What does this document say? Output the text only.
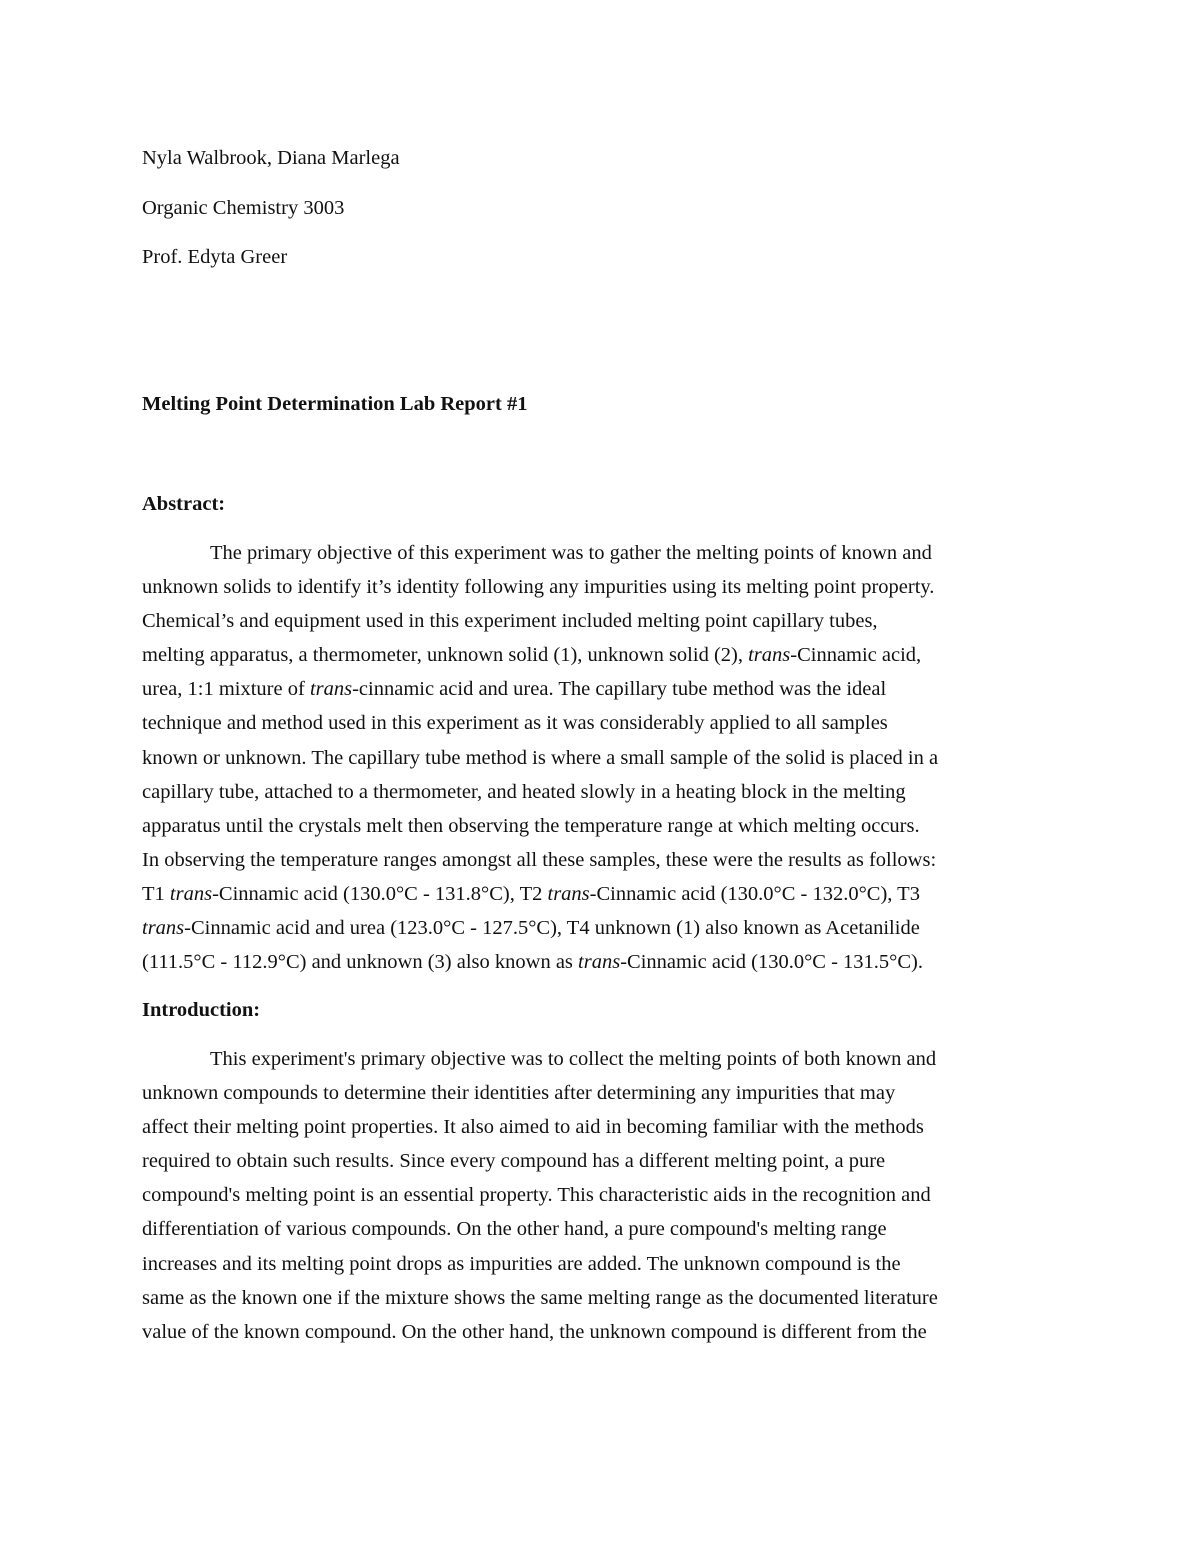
Nyla Walbrook, Diana Marlega
Organic Chemistry 3003
Prof. Edyta Greer
Melting Point Determination Lab Report #1
Abstract:
The primary objective of this experiment was to gather the melting points of known and
unknown solids to identify it’s identity following any impurities using its melting point property.
Chemical’s and equipment used in this experiment included melting point capillary tubes,
melting apparatus, a thermometer, unknown solid (1), unknown solid (2), trans-Cinnamic acid,
urea, 1:1 mixture of trans-cinnamic acid and urea. The capillary tube method was the ideal
technique and method used in this experiment as it was considerably applied to all samples
known or unknown. The capillary tube method is where a small sample of the solid is placed in a
capillary tube, attached to a thermometer, and heated slowly in a heating block in the melting
apparatus until the crystals melt then observing the temperature range at which melting occurs.
In observing the temperature ranges amongst all these samples, these were the results as follows:
T1 trans-Cinnamic acid (130.0°C - 131.8°C), T2 trans-Cinnamic acid (130.0°C - 132.0°C), T3
trans-Cinnamic acid and urea (123.0°C - 127.5°C), T4 unknown (1) also known as Acetanilide
(111.5°C - 112.9°C) and unknown (3) also known as trans-Cinnamic acid (130.0°C - 131.5°C).
Introduction:
This experiment's primary objective was to collect the melting points of both known and
unknown compounds to determine their identities after determining any impurities that may
affect their melting point properties. It also aimed to aid in becoming familiar with the methods
required to obtain such results. Since every compound has a different melting point, a pure
compound's melting point is an essential property. This characteristic aids in the recognition and
differentiation of various compounds. On the other hand, a pure compound's melting range
increases and its melting point drops as impurities are added. The unknown compound is the
same as the known one if the mixture shows the same melting range as the documented literature
value of the known compound. On the other hand, the unknown compound is different from the
